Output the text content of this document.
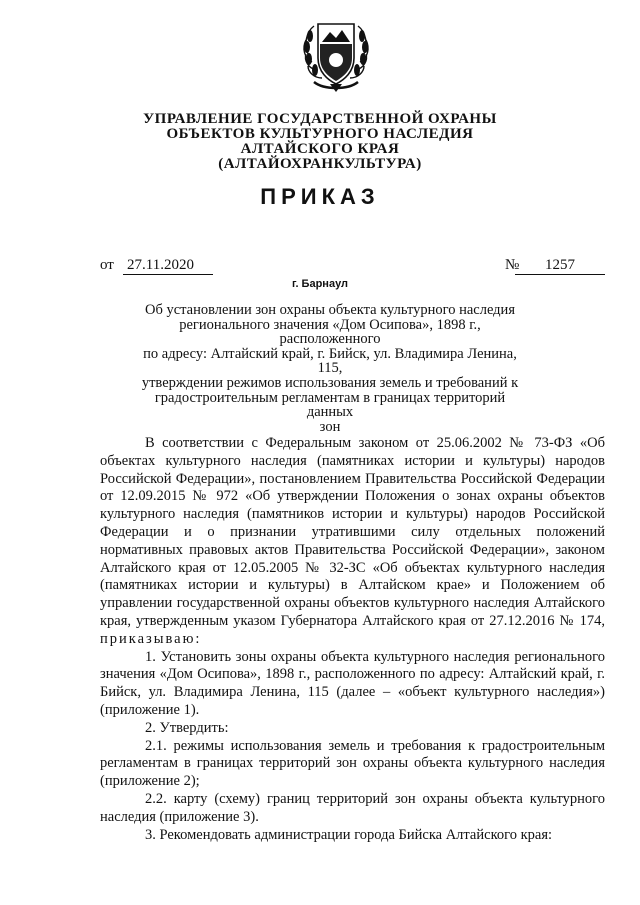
УПРАВЛЕНИЕ ГОСУДАРСТВЕННОЙ ОХРАНЫ
ОБЪЕКТОВ КУЛЬТУРНОГО НАСЛЕДИЯ
АЛТАЙСКОГО КРАЯ
(АЛТАЙОХРАНКУЛЬТУРА)
ПРИКАЗ
от 27.11.2020	№	1257
г. Барнаул
Об установлении зон охраны объекта культурного наследия
регионального значения «Дом Осипова», 1898 г., расположенного
по адресу: Алтайский край, г. Бийск, ул. Владимира Ленина, 115,
утверждении режимов использования земель и требований к
градостроительным регламентам в границах территорий данных
зон

В соответствии с Федеральным законом от 25.06.2002 № 73-ФЗ «Об объектах культурного наследия (памятниках истории и культуры) народов Российской Федерации», постановлением Правительства Российской Федерации от 12.09.2015 № 972 «Об утверждении Положения о зонах охраны объектов культурного наследия (памятников истории и культуры) народов Российской Федерации и о признании утратившими силу отдельных положений нормативных правовых актов Правительства Российской Федерации», законом Алтайского края от 12.05.2005 № 32-ЗС «Об объектах культурного наследия (памятниках истории и культуры) в Алтайском крае» и Положением об управлении государственной охраны объектов культурного наследия Алтайского края, утвержденным указом Губернатора Алтайского края от 27.12.2016 № 174, приказываю:

1. Установить зоны охраны объекта культурного наследия регионального значения «Дом Осипова», 1898 г., расположенного по адресу: Алтайский край, г. Бийск, ул. Владимира Ленина, 115 (далее – «объект культурного наследия») (приложение 1).

2. Утвердить:

2.1. режимы использования земель и требования к градостроительным регламентам в границах территорий зон охраны объекта культурного наследия (приложение 2);

2.2. карту (схему) границ территорий зон охраны объекта культурного наследия (приложение 3).

3. Рекомендовать администрации города Бийска Алтайского края:
